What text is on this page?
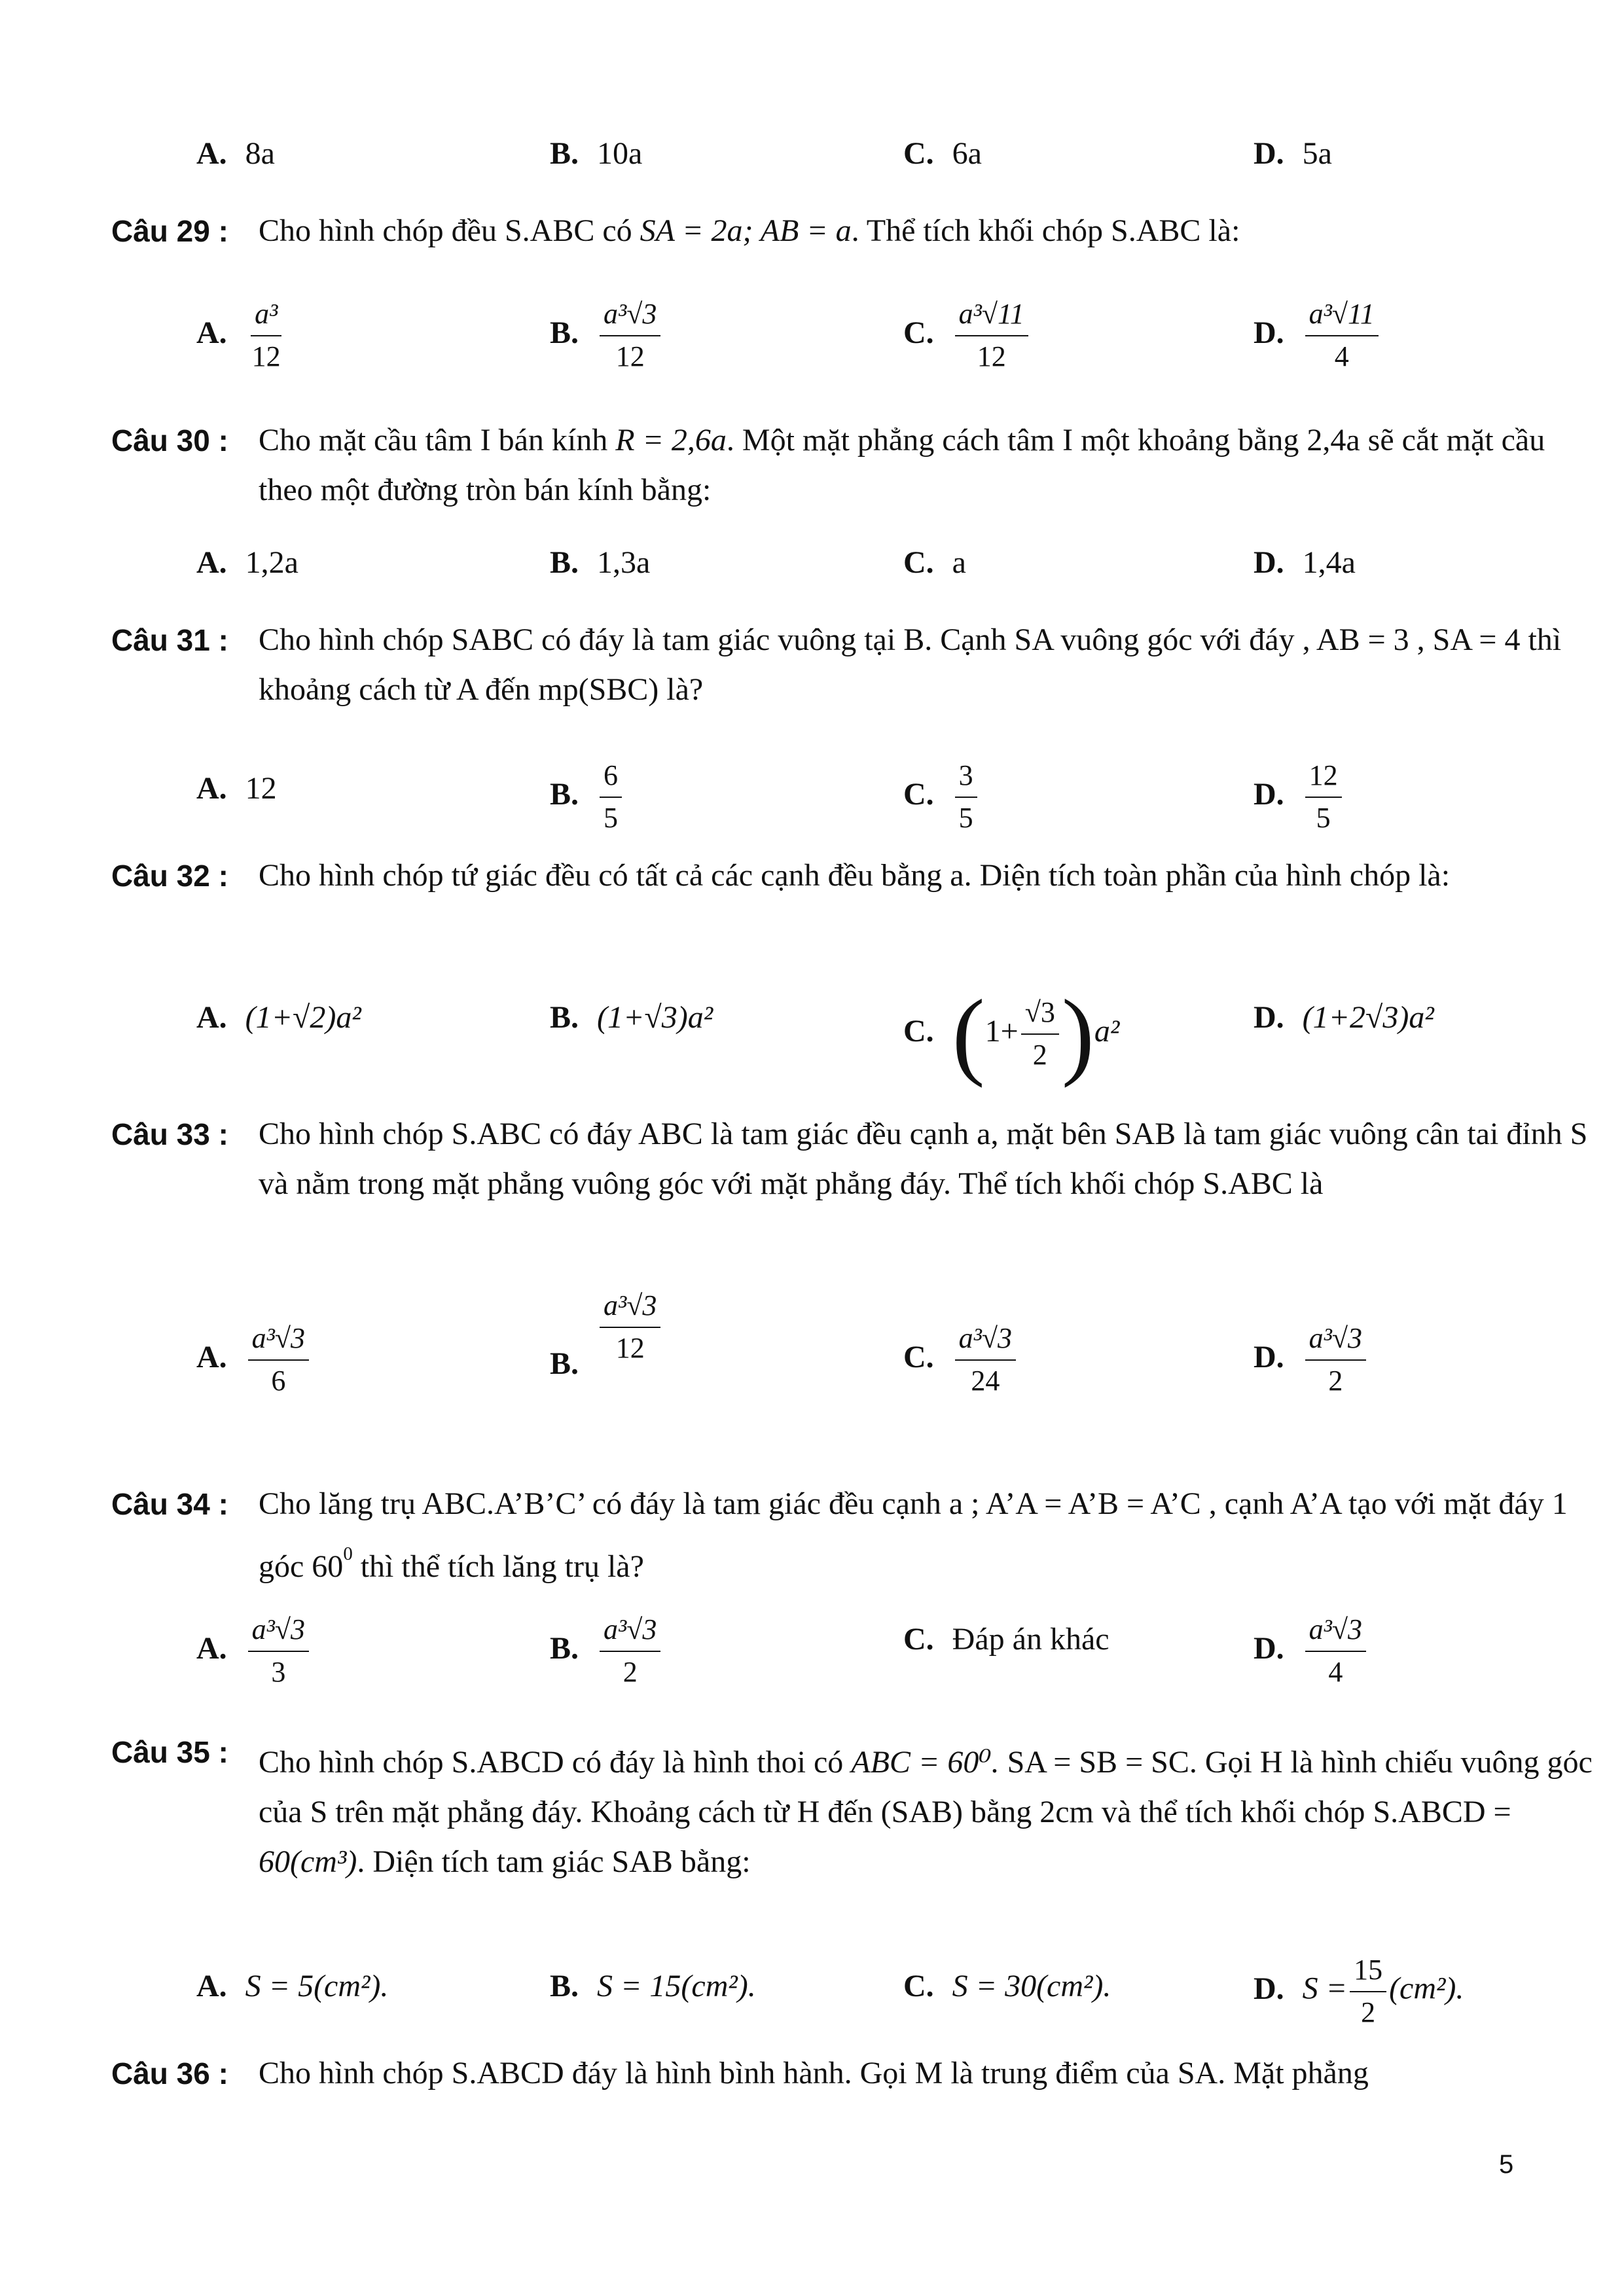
A. 8a	B. 10a	C. 6a	D. 5a
Câu 29 : Cho hình chóp đều S.ABC có SA = 2a; AB = a. Thể tích khối chóp S.ABC là:
A. $\frac{\text{a³}}{12}$	B. $\frac{\text{a³√3}}{12}$	C. $\frac{\text{a³√11}}{12}$	D. $\frac{\text{a³√11}}{4}$
Câu 30 : Cho mặt cầu tâm I bán kính R = 2,6a. Một mặt phẳng cách tâm I một khoảng bằng 2,4a sẽ cắt mặt cầu theo một đường tròn bán kính bằng:
A. 1,2a	B. 1,3a	C. a	D. 1,4a
Câu 31 : Cho hình chóp SABC có đáy là tam giác vuông tại B. Cạnh SA vuông góc với đáy , AB = 3 , SA = 4 thì khoảng cách từ A đến mp(SBC) là?
A. 12	B. $\frac{6}{5}$	C. $\frac{3}{5}$	D. $\frac{12}{5}$
Câu 32 : Cho hình chóp tứ giác đều có tất cả các cạnh đều bằng a. Diện tích toàn phần của hình chóp là:
A. (1+√2)a²	B. (1+√3)a²	C. $(1+ \frac{√3}{2} )a^2$	D. (1+2√3)a²
Câu 33 : Cho hình chóp S.ABC có đáy ABC là tam giác đều cạnh a, mặt bên SAB là tam giác vuông cân tai đỉnh S và nằm trong mặt phẳng vuông góc với mặt phẳng đáy. Thể tích khối chóp S.ABC là
A. $\frac{\text{a³√3}}{6}$	B. $\frac{\text{a³√3}}{12}$	C. $\frac{\text{a³√3}}{24}$	D. $\frac{\text{a³√3}}{2}$
Câu 34 : Cho lăng trụ ABC.A’B’C’ có đáy là tam giác đều cạnh a ; A’A = A’B = A’C , cạnh A’A tạo với mặt đáy 1 góc $60^0$ thì thể tích lăng trụ là?
A. $\frac{\text{a³√3}}{3}$	B. $\frac{\text{a³√3}}{2}$	C. Đáp án khác	D. $\frac{\text{a³√3}}{4}$
Câu 35 : Cho hình chóp S.ABCD có đáy là hình thoi có ABC = 60⁰. SA = SB = SC. Gọi H là hình chiếu vuông góc của S trên mặt phẳng đáy. Khoảng cách từ H đến (SAB) bằng 2cm và thể tích khối chóp S.ABCD = 60(cm³). Diện tích tam giác SAB bằng:
A. S = 5(cm²).	B. S = 15(cm²).	C. S = 30(cm²).	D. $S = \frac{15}{2} (cm^2)$.
Câu 36 : Cho hình chóp S.ABCD đáy là hình bình hành. Gọi M là trung điểm của SA. Mặt phẳng
5
